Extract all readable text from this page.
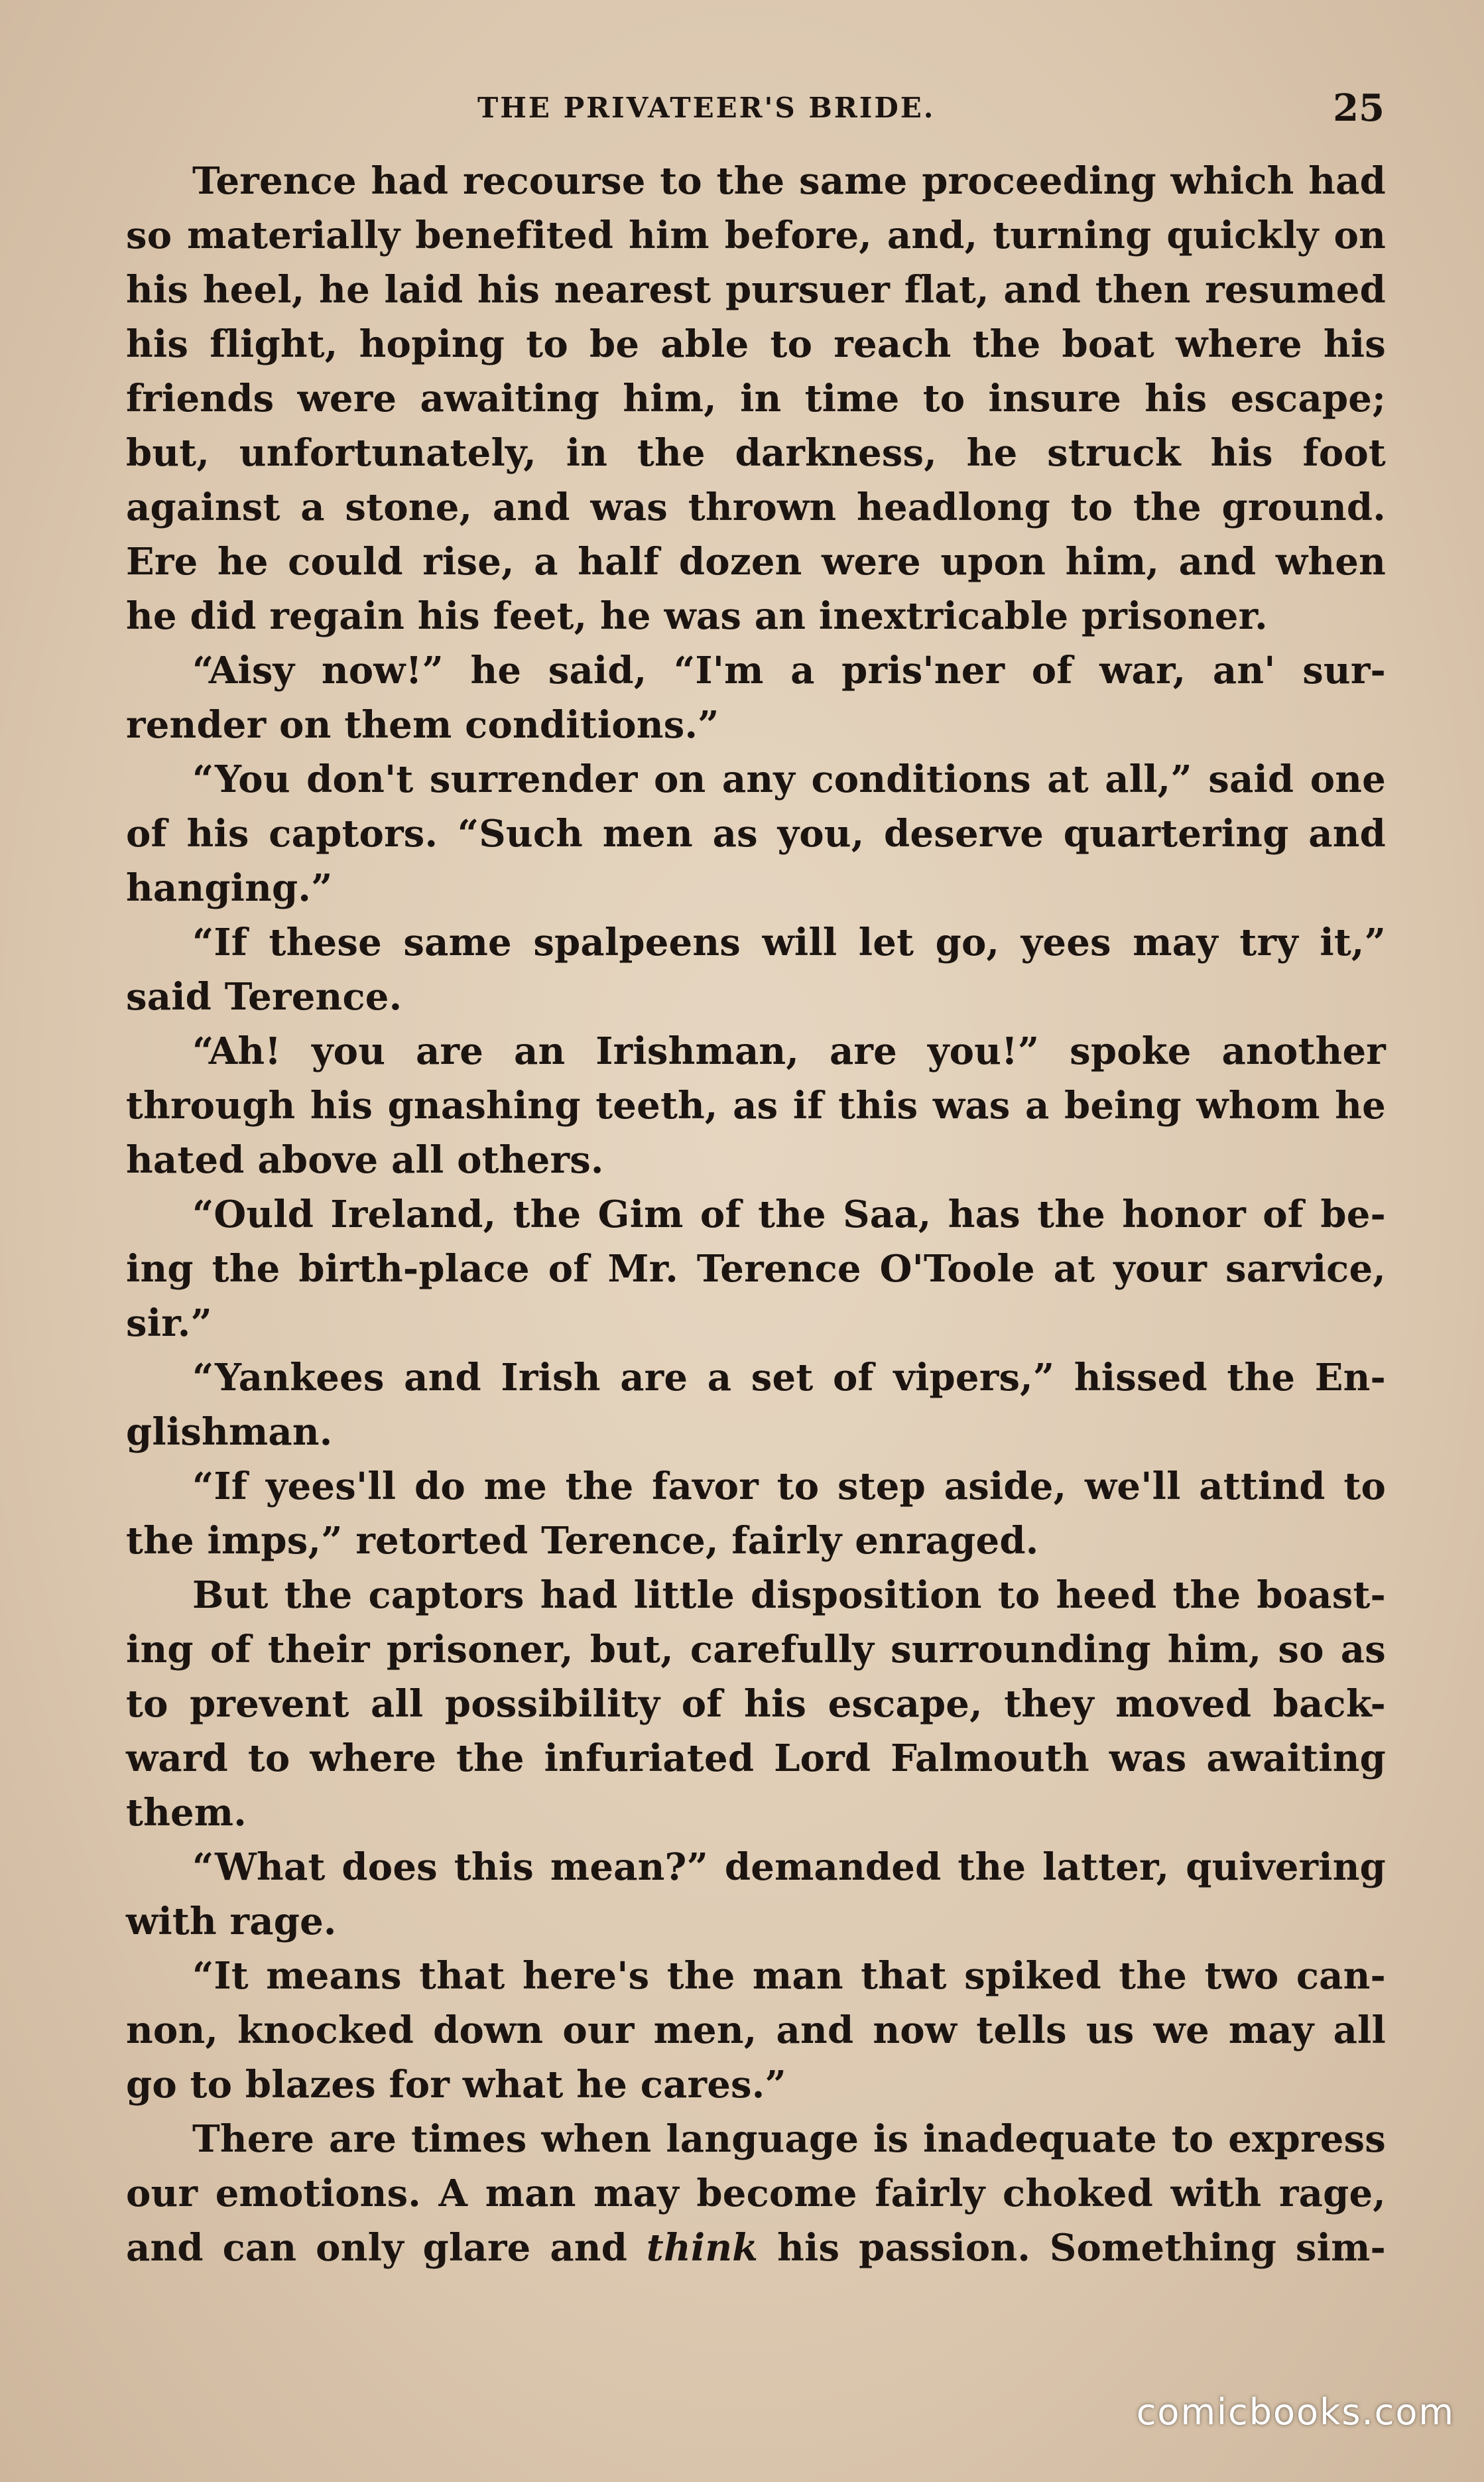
THE PRIVATEER'S BRIDE.	25
Terence had recourse to the same proceeding which had
so materially benefited him before, and, turning quickly on
his heel, he laid his nearest pursuer flat, and then resumed
his flight, hoping to be able to reach the boat where his
friends were awaiting him, in time to insure his escape;
but, unfortunately, in the darkness, he struck his foot
against a stone, and was thrown headlong to the ground.
Ere he could rise, a half dozen were upon him, and when
he did regain his feet, he was an inextricable prisoner.
“Aisy now!” he said, “I'm a pris'ner of war, an' sur-
render on them conditions.”
“You don't surrender on any conditions at all,” said one
of his captors. “Such men as you, deserve quartering and
hanging.”
“If these same spalpeens will let go, yees may try it,”
said Terence.
“Ah! you are an Irishman, are you!” spoke another
through his gnashing teeth, as if this was a being whom he
hated above all others.
“Ould Ireland, the Gim of the Saa, has the honor of be-
ing the birth-place of Mr. Terence O'Toole at your sarvice,
sir.”
“Yankees and Irish are a set of vipers,” hissed the En-
glishman.
“If yees'll do me the favor to step aside, we'll attind to
the imps,” retorted Terence, fairly enraged.
But the captors had little disposition to heed the boast-
ing of their prisoner, but, carefully surrounding him, so as
to prevent all possibility of his escape, they moved back-
ward to where the infuriated Lord Falmouth was awaiting
them.
“What does this mean?” demanded the latter, quivering
with rage.
“It means that here's the man that spiked the two can-
non, knocked down our men, and now tells us we may all
go to blazes for what he cares.”
There are times when language is inadequate to express
our emotions. A man may become fairly choked with rage,
and can only glare and think his passion. Something sim-
comicbooks.com
